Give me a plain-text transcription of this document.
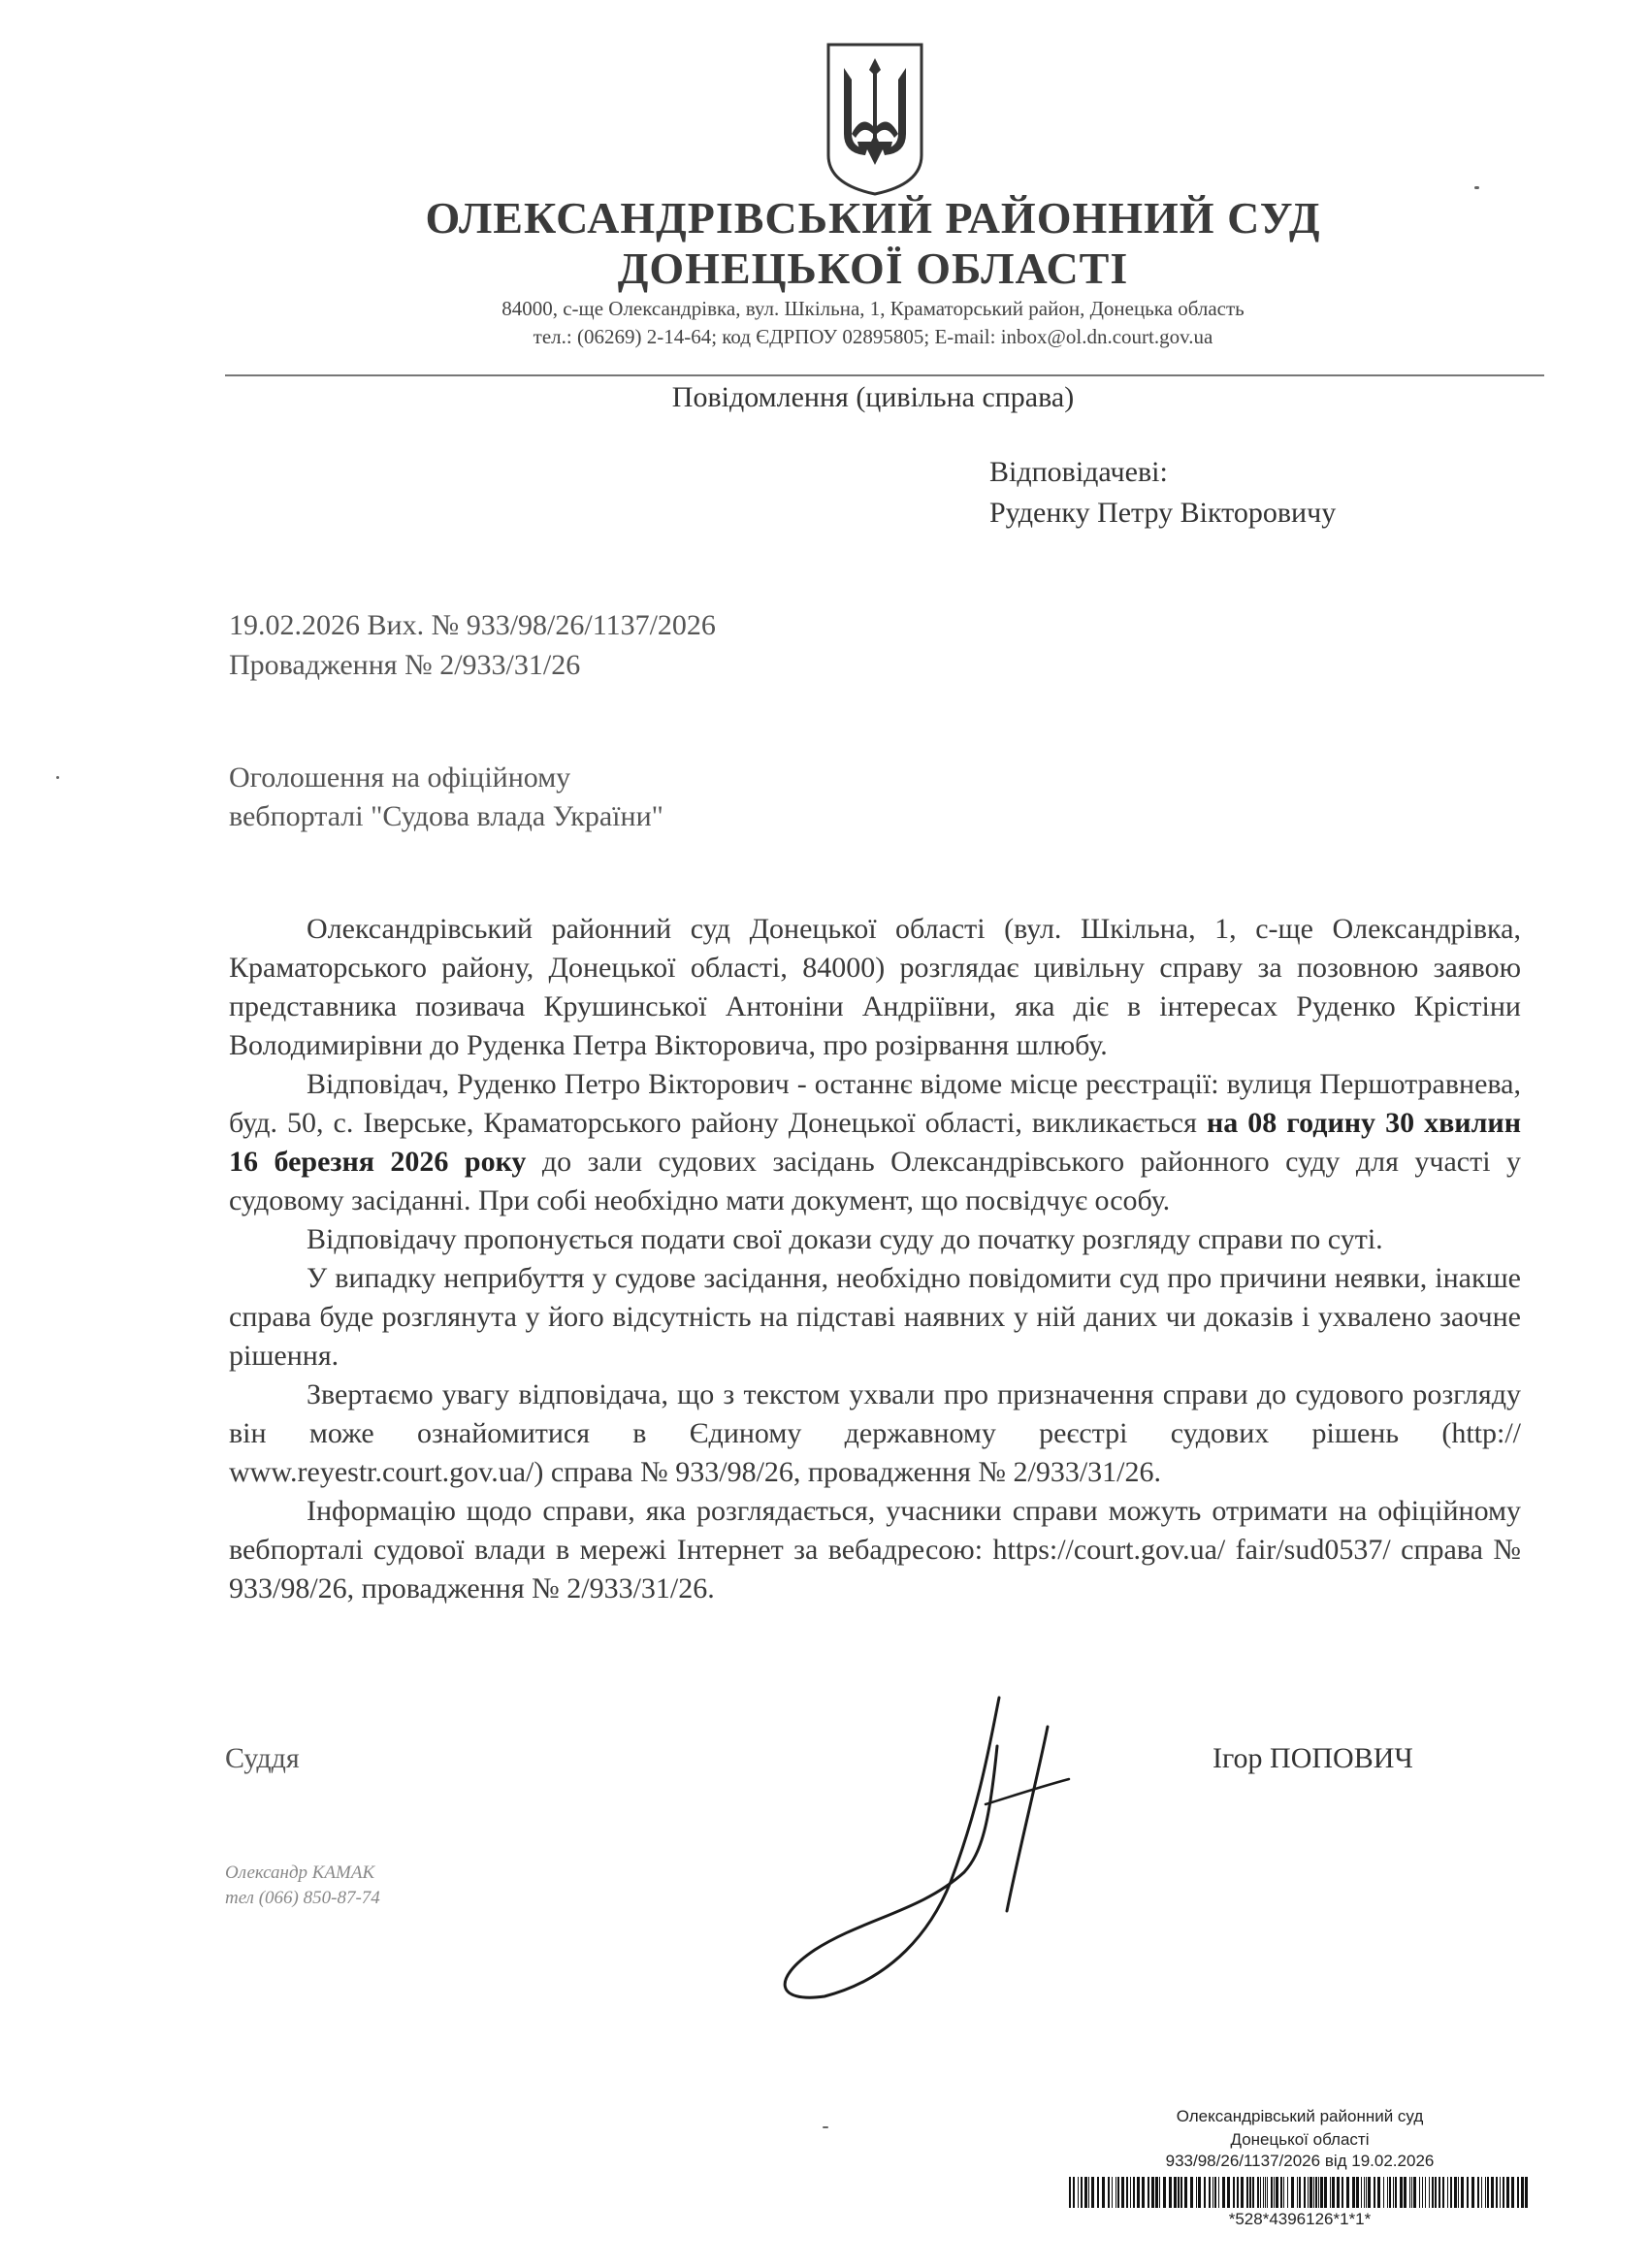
ОЛЕКСАНДРІВСЬКИЙ РАЙОННИЙ СУД
ДОНЕЦЬКОЇ ОБЛАСТІ
84000, с-ще Олександрівка, вул. Шкільна, 1, Краматорський район, Донецька область
тел.: (06269) 2-14-64; код ЄДРПОУ 02895805; E-mail: inbox@ol.dn.court.gov.ua
Повідомлення (цивільна справа)
Відповідачеві:
Руденку Петру Вікторовичу
19.02.2026 Вих. № 933/98/26/1137/2026
Провадження № 2/933/31/26
Оголошення на офіційному
вебпорталі "Судова влада України"

Олександрівський районний суд Донецької області (вул. Шкільна, 1, с-ще Олександрівка, Краматорського району, Донецької області, 84000) розглядає цивільну справу за позовною заявою представника позивача Крушинської Антоніни Андріївни, яка діє в інтересах Руденко Крістіни Володимирівни до Руденка Петра Вікторовича, про розірвання шлюбу.

Відповідач, Руденко Петро Вікторович - останнє відоме місце реєстрації: вулиця Першотравнева, буд. 50, с. Іверське, Краматорського району Донецької області, викликається на 08 годину 30 хвилин 16 березня 2026 року до зали судових засідань Олександрівського районного суду для участі у судовому засіданні. При собі необхідно мати документ, що посвідчує особу.

Відповідачу пропонується подати свої докази суду до початку розгляду справи по суті.

У випадку неприбуття у судове засідання, необхідно повідомити суд про причини неявки, інакше справа буде розглянута у його відсутність на підставі наявних у ній даних чи доказів і ухвалено заочне рішення.

Звертаємо увагу відповідача, що з текстом ухвали про призначення справи до судового розгляду він може ознайомитися в Єдиному державному реєстрі судових рішень (http:// www.reyestr.court.gov.ua/) справа № 933/98/26, провадження № 2/933/31/26.

Інформацію щодо справи, яка розглядається, учасники справи можуть отримати на офіційному вебпорталі судової влади в мережі Інтернет за вебадресою: https://court.gov.ua/ fair/sud0537/ справа № 933/98/26, провадження № 2/933/31/26.

Суддя	Ігор ПОПОВИЧ
Олександр КАМАК
тел (066) 850-87-74
Олександрівський районний суд
Донецької області
933/98/26/1137/2026 від 19.02.2026
*528*4396126*1*1*
